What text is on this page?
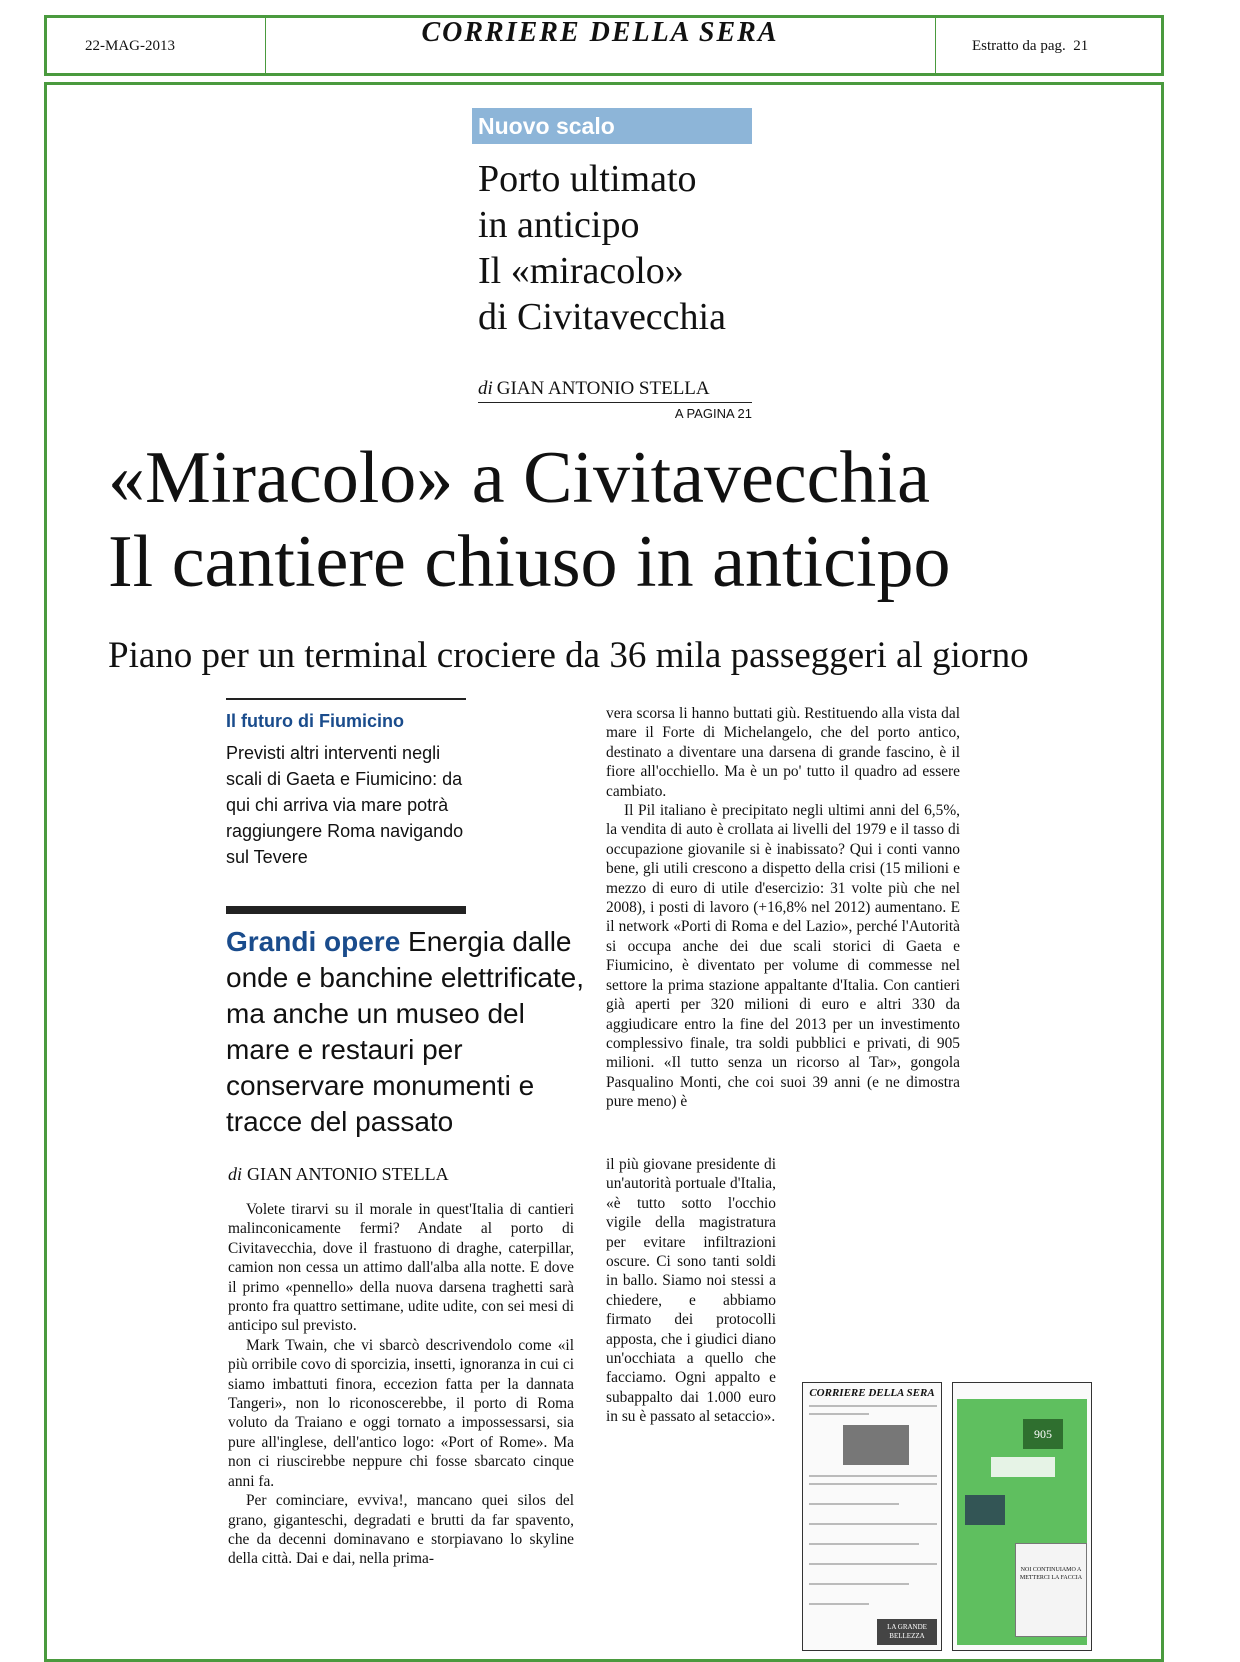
22-MAG-2013	CORRIERE DELLA SERA	Estratto da pag. 21
Nuovo scalo
Porto ultimato
in anticipo
Il «miracolo»
di Civitavecchia
di GIAN ANTONIO STELLA
A PAGINA 21
«Miracolo» a Civitavecchia
Il cantiere chiuso in anticipo
Piano per un terminal crociere da 36 mila passeggeri al giorno
Il futuro di Fiumicino
Previsti altri interventi negli scali di Gaeta e Fiumicino: da qui chi arriva via mare potrà raggiungere Roma navigando sul Tevere
Grandi opere Energia dalle onde e banchine elettrificate, ma anche un museo del mare e restauri per conservare monumenti e tracce del passato
di GIAN ANTONIO STELLA

Volete tirarvi su il morale in quest'Italia di cantieri malinconicamente fermi? Andate al porto di Civitavecchia, dove il frastuono di draghe, caterpillar, camion non cessa un attimo dall'alba alla notte. E dove il primo «pennello» della nuova darsena traghetti sarà pronto fra quattro settimane, udite udite, con sei mesi di anticipo sul previsto.

Mark Twain, che vi sbarcò descrivendolo come «il più orribile covo di sporcizia, insetti, ignoranza in cui ci siamo imbattuti finora, eccezion fatta per la dannata Tangeri», non lo riconoscerebbe, il porto di Roma voluto da Traiano e oggi tornato a impossessarsi, sia pure all'inglese, dell'antico logo: «Port of Rome». Ma non ci riuscirebbe neppure chi fosse sbarcato cinque anni fa.

Per cominciare, evviva!, mancano quei silos del grano, giganteschi, degradati e brutti da far spavento, che da decenni dominavano e storpiavano lo skyline della città. Dai e dai, nella prima-

vera scorsa li hanno buttati giù. Restituendo alla vista dal mare il Forte di Michelangelo, che del porto antico, destinato a diventare una darsena di grande fascino, è il fiore all'occhiello. Ma è un po' tutto il quadro ad essere cambiato.

Il Pil italiano è precipitato negli ultimi anni del 6,5%, la vendita di auto è crollata ai livelli del 1979 e il tasso di occupazione giovanile si è inabissato? Qui i conti vanno bene, gli utili crescono a dispetto della crisi (15 milioni e mezzo di euro di utile d'esercizio: 31 volte più che nel 2008), i posti di lavoro (+16,8% nel 2012) aumentano. E il network «Porti di Roma e del Lazio», perché l'Autorità si occupa anche dei due scali storici di Gaeta e Fiumicino, è diventato per volume di commesse nel settore la prima stazione appaltante d'Italia. Con cantieri già aperti per 320 milioni di euro e altri 330 da aggiudicare entro la fine del 2013 per un investimento complessivo finale, tra soldi pubblici e privati, di 905 milioni. «Il tutto senza un ricorso al Tar», gongola Pasqualino Monti, che coi suoi 39 anni (e ne dimostra pure meno) è

il più giovane presidente di un'autorità portuale d'Italia, «è tutto sotto l'occhio vigile della magistratura per evitare infiltrazioni oscure. Ci sono tanti soldi in ballo. Siamo noi stessi a chiedere, e abbiamo firmato dei protocolli apposta, che i giudici diano un'occhiata a quello che facciamo. Ogni appalto e subappalto dai 1.000 euro in su è passato al setaccio».

CORRIERE DELLA SERA
LA GRANDE BELLEZZA
905
NOI CONTINUIAMO A METTERCI LA FACCIA
